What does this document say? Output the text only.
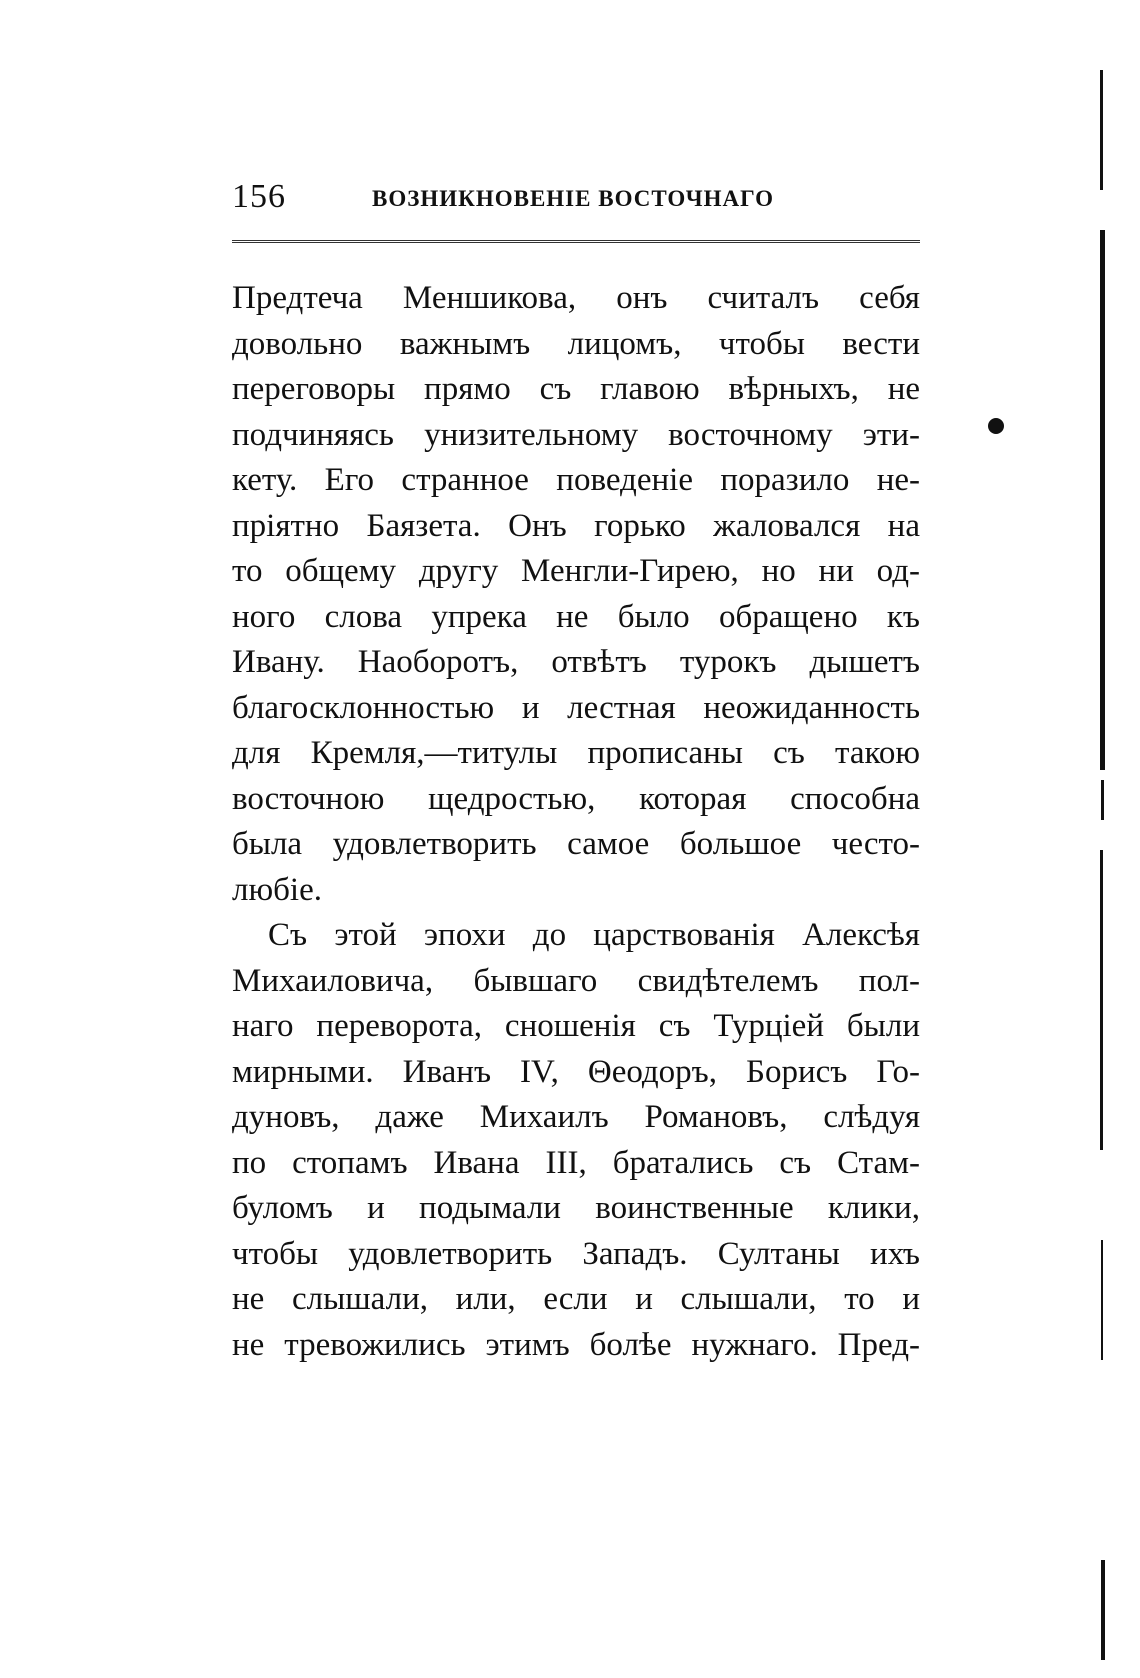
156	ВОЗНИКНОВЕНІЕ ВОСТОЧНАГО
Предтеча Меншикова, онъ считалъ себя
довольно важнымъ лицомъ, чтобы вести
переговоры прямо съ главою вѣрныхъ, не
подчиняясь унизительному восточному эти-
кету. Его странное поведеніе поразило не-
пріятно Баязета. Онъ горько жаловался на
то общему другу Менгли-Гирею, но ни од-
ного слова упрека не было обращено къ
Ивану. Наоборотъ, отвѣтъ турокъ дышетъ
благосклонностью и лестная неожиданность
для Кремля,—титулы прописаны съ такою
восточною щедростью, которая способна
была удовлетворить самое большое често-
любіе.
Съ этой эпохи до царствованія Алексѣя
Михаиловича, бывшаго свидѣтелемъ пол-
наго переворота, сношенія съ Турціей были
мирными. Иванъ IV, Θеодоръ, Борисъ Го-
дуновъ, даже Михаилъ Романовъ, слѣдуя
по стопамъ Ивана III, братались съ Стам-
буломъ и подымали воинственные клики,
чтобы удовлетворить Западъ. Султаны ихъ
не слышали, или, если и слышали, то и
не тревожились этимъ болѣе нужнаго. Пред-
